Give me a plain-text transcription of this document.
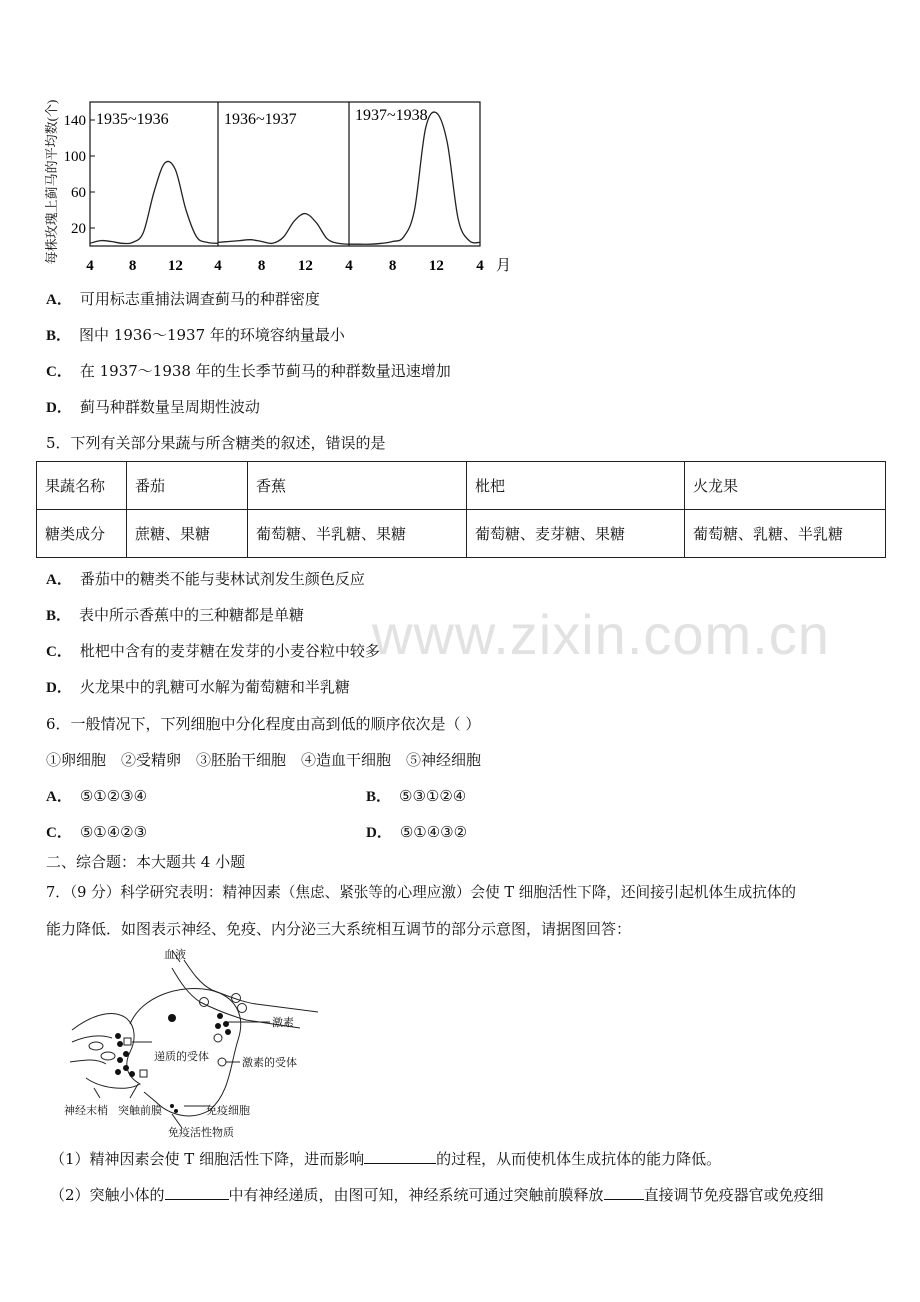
每株玫瑰上蓟马的平均数(个) 140
100
60
20
4 8 12 4 8 12 4 8 12 4 月
1935~1936	1936~1937	1937~1938
A． 可用标志重捕法调查蓟马的种群密度
B． 图中 1936～1937 年的环境容纳量最小
C． 在 1937～1938 年的生长季节蓟马的种群数量迅速增加
D． 蓟马种群数量呈周期性波动
5．下列有关部分果蔬与所含糖类的叙述，错误的是
果蔬名称	番茄	香蕉	枇杷	火龙果
糖类成分	蔗糖、果糖	葡萄糖、半乳糖、果糖	葡萄糖、麦芽糖、果糖	葡萄糖、乳糖、半乳糖
www.zixin.com.cn
A． 番茄中的糖类不能与斐林试剂发生颜色反应
B． 表中所示香蕉中的三种糖都是单糖
C． 枇杷中含有的麦芽糖在发芽的小麦谷粒中较多
D． 火龙果中的乳糖可水解为葡萄糖和半乳糖
6．一般情况下，下列细胞中分化程度由高到低的顺序依次是（ ）
①卵细胞　②受精卵　③胚胎干细胞　④造血干细胞　⑤神经细胞
A． ⑤①②③④	B． ⑤③①②④
C． ⑤①④②③	D． ⑤①④③②
二、综合题：本大题共 4 小题
7．（9 分）科学研究表明：精神因素（焦虑、紧张等的心理应激）会使 T 细胞活性下降，还间接引起机体生成抗体的
能力降低．如图表示神经、免疫、内分泌三大系统相互调节的部分示意图，请据图回答：
血液
激素
递质的受体	激素的受体
神经末梢 突触前膜	免疫细胞
免疫活性物质
（1）精神因素会使 T 细胞活性下降，进而影响	的过程，从而使机体生成抗体的能力降低。
（2）突触小体的	中有神经递质，由图可知，神经系统可通过突触前膜释放	直接调节免疫器官或免疫细
